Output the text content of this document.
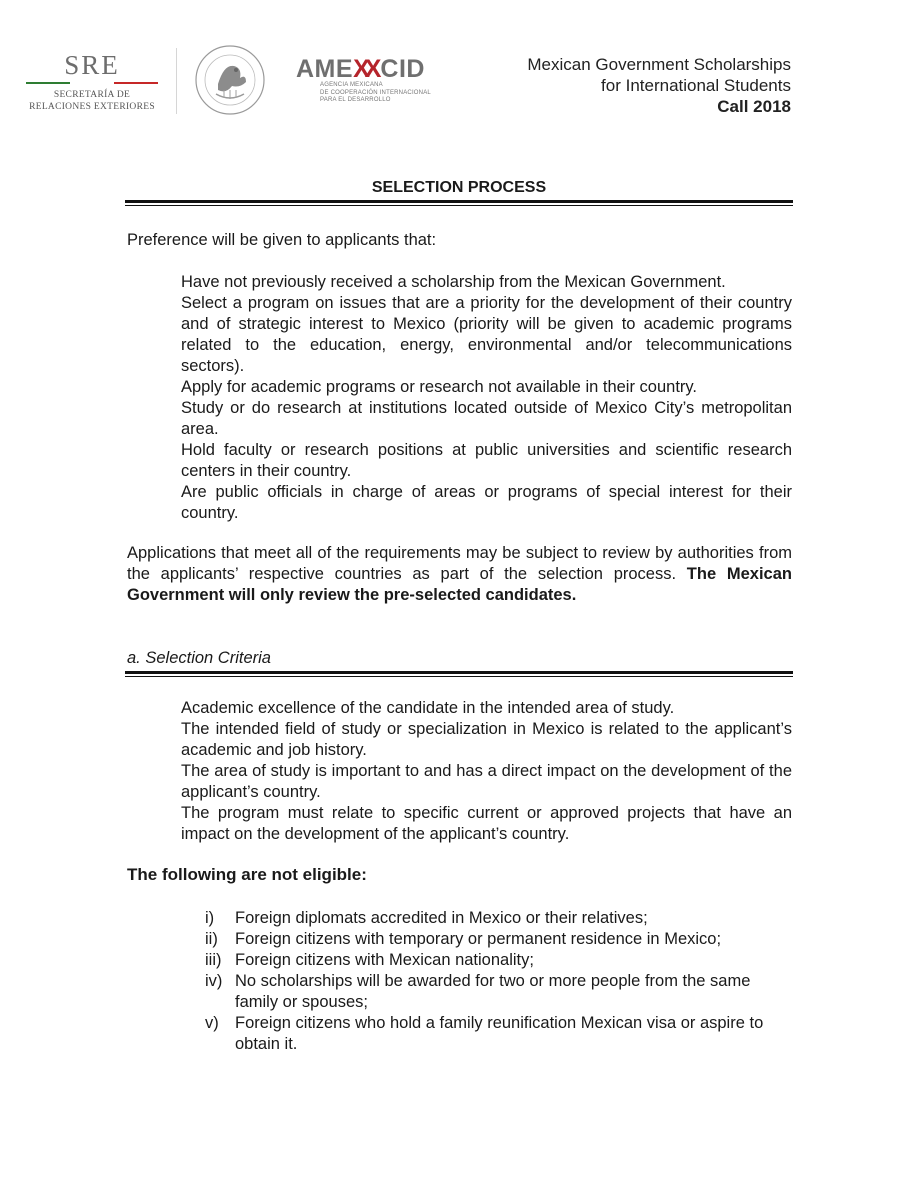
SRE
SECRETARÍA DE
RELACIONES EXTERIORES
AMEXX CID
AGENCIA MEXICANA
DE COOPERACIÓN INTERNACIONAL
PARA EL DESARROLLO
Mexican Government Scholarships
for International Students
Call 2018
SELECTION PROCESS
Preference will be given to applicants that:
Have not previously received a scholarship from the Mexican Government.
Select a program on issues that are a priority for the development of their country and of strategic interest to Mexico (priority will be given to academic programs related to the education, energy, environmental and/or telecommunications sectors).
Apply for academic programs or research not available in their country.
Study or do research at institutions located outside of Mexico City’s metropolitan area.
Hold faculty or research positions at public universities and scientific research centers in their country.
Are public officials in charge of areas or programs of special interest for their country.
Applications that meet all of the requirements may be subject to review by authorities from the applicants’ respective countries as part of the selection process. The Mexican Government will only review the pre-selected candidates.
a. Selection Criteria
Academic excellence of the candidate in the intended area of study.
The intended field of study or specialization in Mexico is related to the applicant’s academic and job history.
The area of study is important to and has a direct impact on the development of the applicant’s country.
The program must relate to specific current or approved projects that have an impact on the development of the applicant’s country.
The following are not eligible:
i)	Foreign diplomats accredited in Mexico or their relatives;
ii)	Foreign citizens with temporary or permanent residence in Mexico;
iii) Foreign citizens with Mexican nationality;
iv) No scholarships will be awarded for two or more people from the same family or spouses;
v) Foreign citizens who hold a family reunification Mexican visa or aspire to obtain it.
